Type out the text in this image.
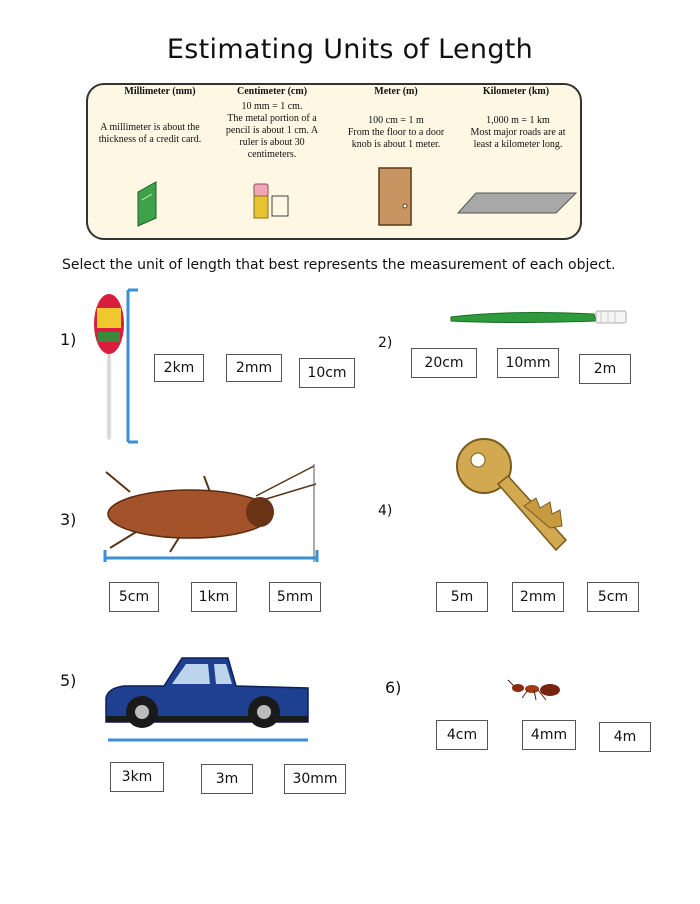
Estimating Units of Length
Millimeter (mm)	Centimeter (cm)	Meter (m)	Kilometer (km)
A millimeter is about the
thickness of a credit card.
10 mm = 1 cm.
The metal portion of a
pencil is about 1 cm. A
ruler is about 30
centimeters.
100 cm = 1 m
From the floor to a door
knob is about 1 meter.
1,000 m = 1 km
Most major roads are at
least a kilometer long.
Select the unit of length that best represents the measurement of each object.
1)
2km	2mm	10cm
2)
20cm	10mm	2m
3)
5cm	1km	5mm
4)
5m	2mm	5cm
5)
3km	3m	30mm
6)
4cm	4mm	4m
